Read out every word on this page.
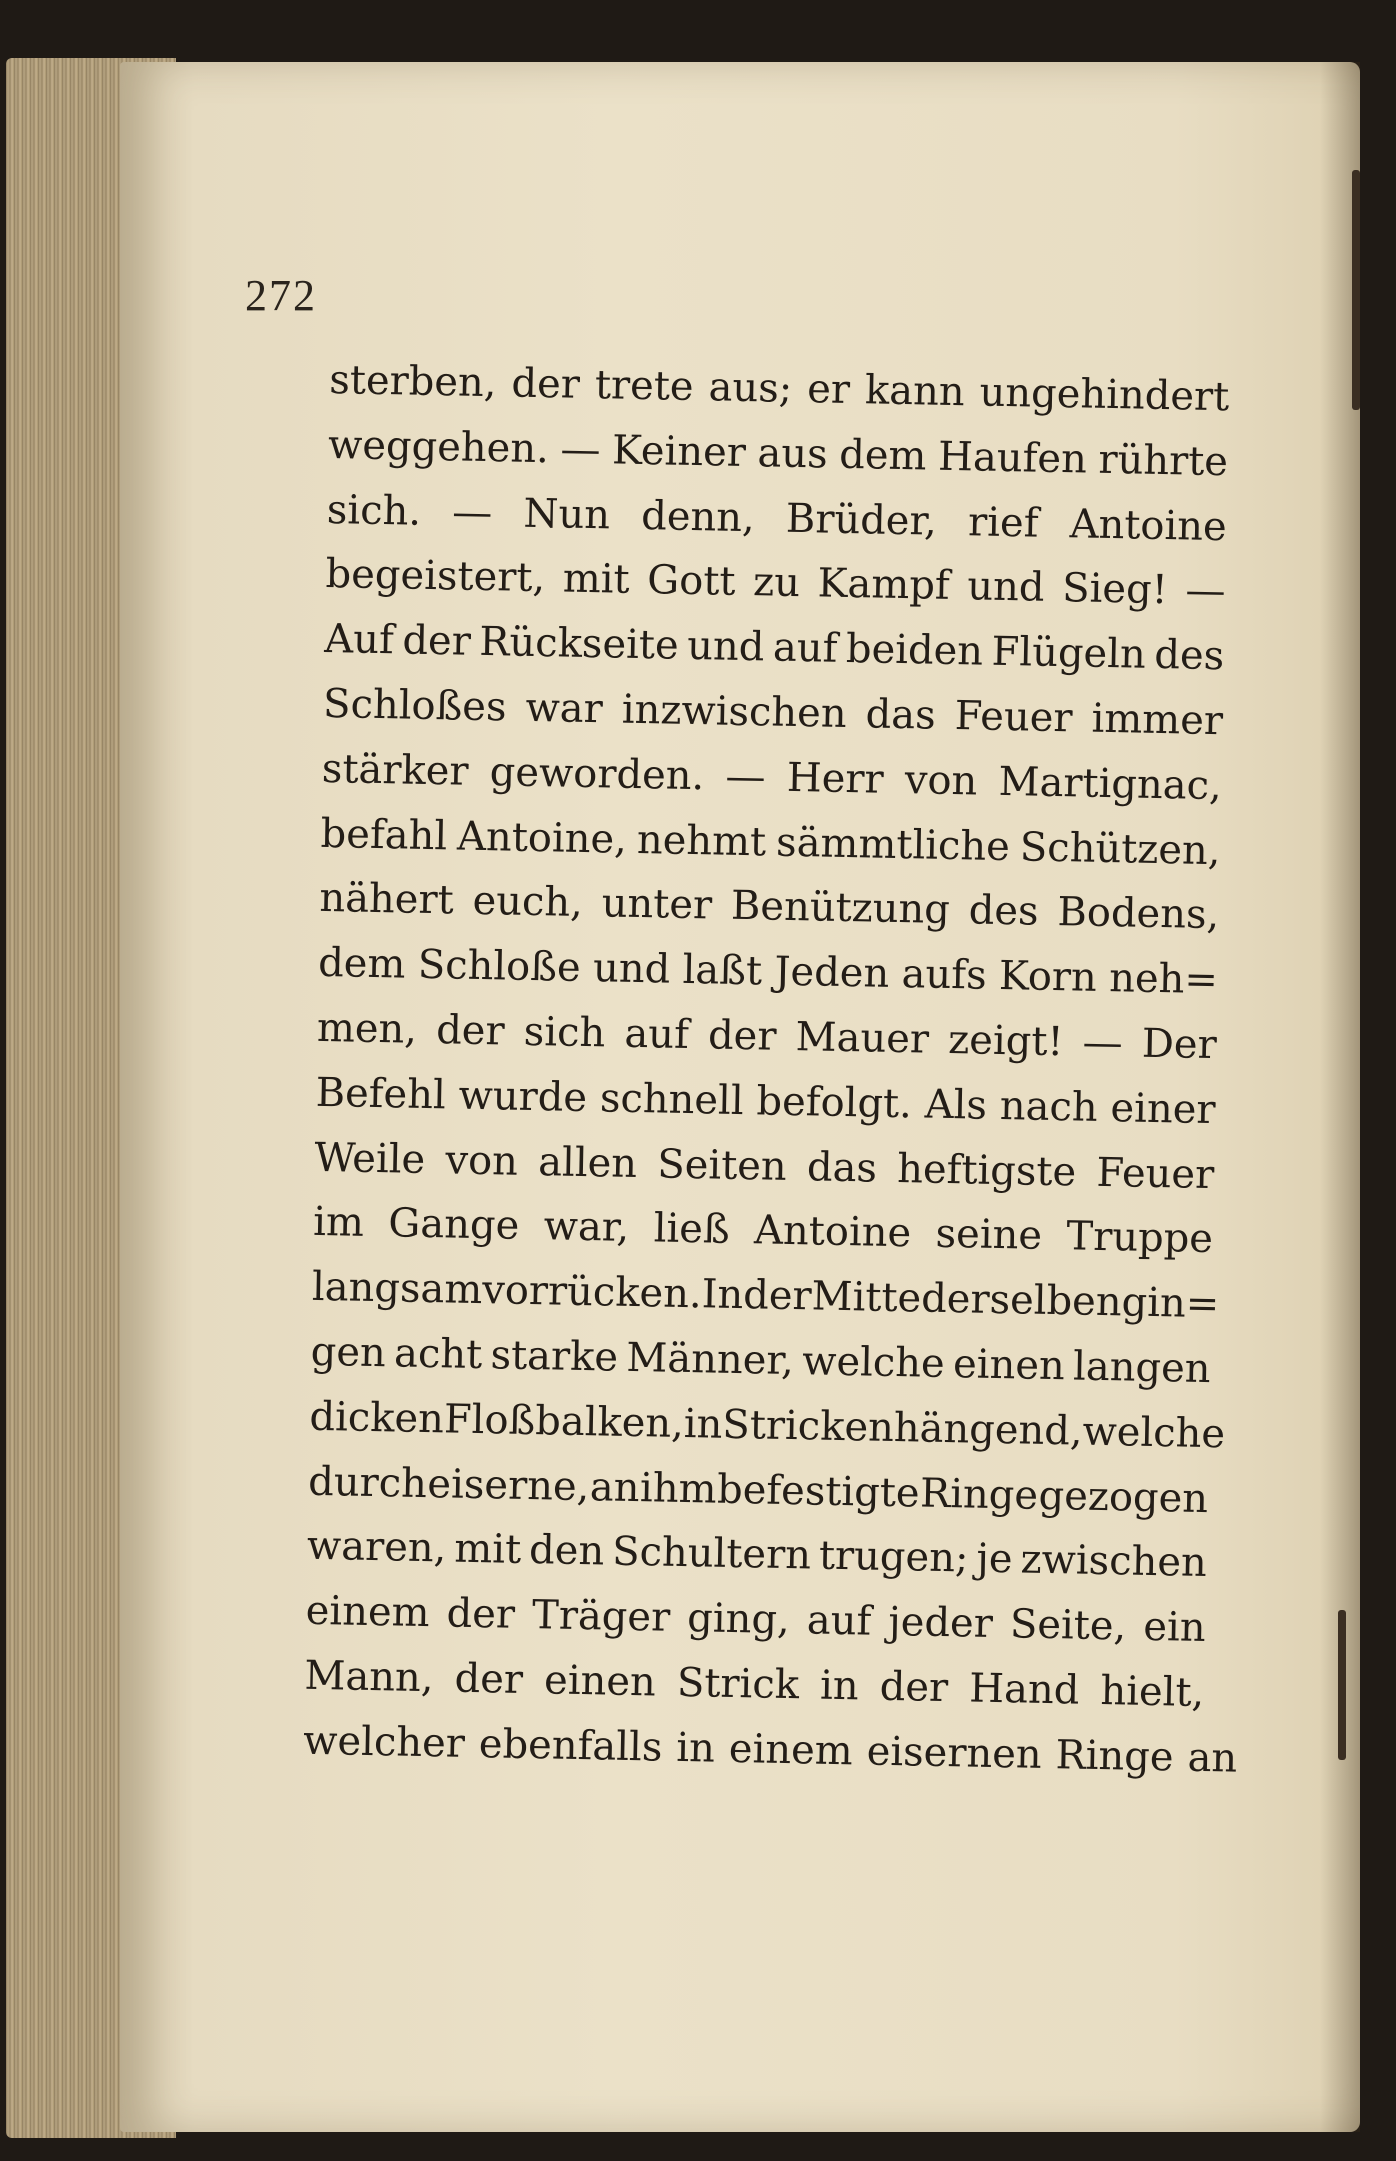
272
sterben, der trete aus; er kann ungehindert
weggehen. — Keiner aus dem Haufen rührte
sich. — Nun denn, Brüder, rief Antoine
begeistert, mit Gott zu Kampf und Sieg! —
Auf der Rückseite und auf beiden Flügeln des
Schloßes war inzwischen das Feuer immer
stärker geworden. — Herr von Martignac,
befahl Antoine, nehmt sämmtliche Schützen,
nähert euch, unter Benützung des Bodens,
dem Schloße und laßt Jeden aufs Korn neh=
men, der sich auf der Mauer zeigt! — Der
Befehl wurde schnell befolgt. Als nach einer
Weile von allen Seiten das heftigste Feuer
im Gange war, ließ Antoine seine Truppe
langsam vorrücken. In der Mitte derselben gin=
gen acht starke Männer, welche einen langen
dicken Floßbalken, in Stricken hängend, welche
durch eiserne, an ihm befestigte Ringe gezogen
waren, mit den Schultern trugen; je zwischen
einem der Träger ging, auf jeder Seite, ein
Mann, der einen Strick in der Hand hielt,
welcher ebenfalls in einem eisernen Ringe an
